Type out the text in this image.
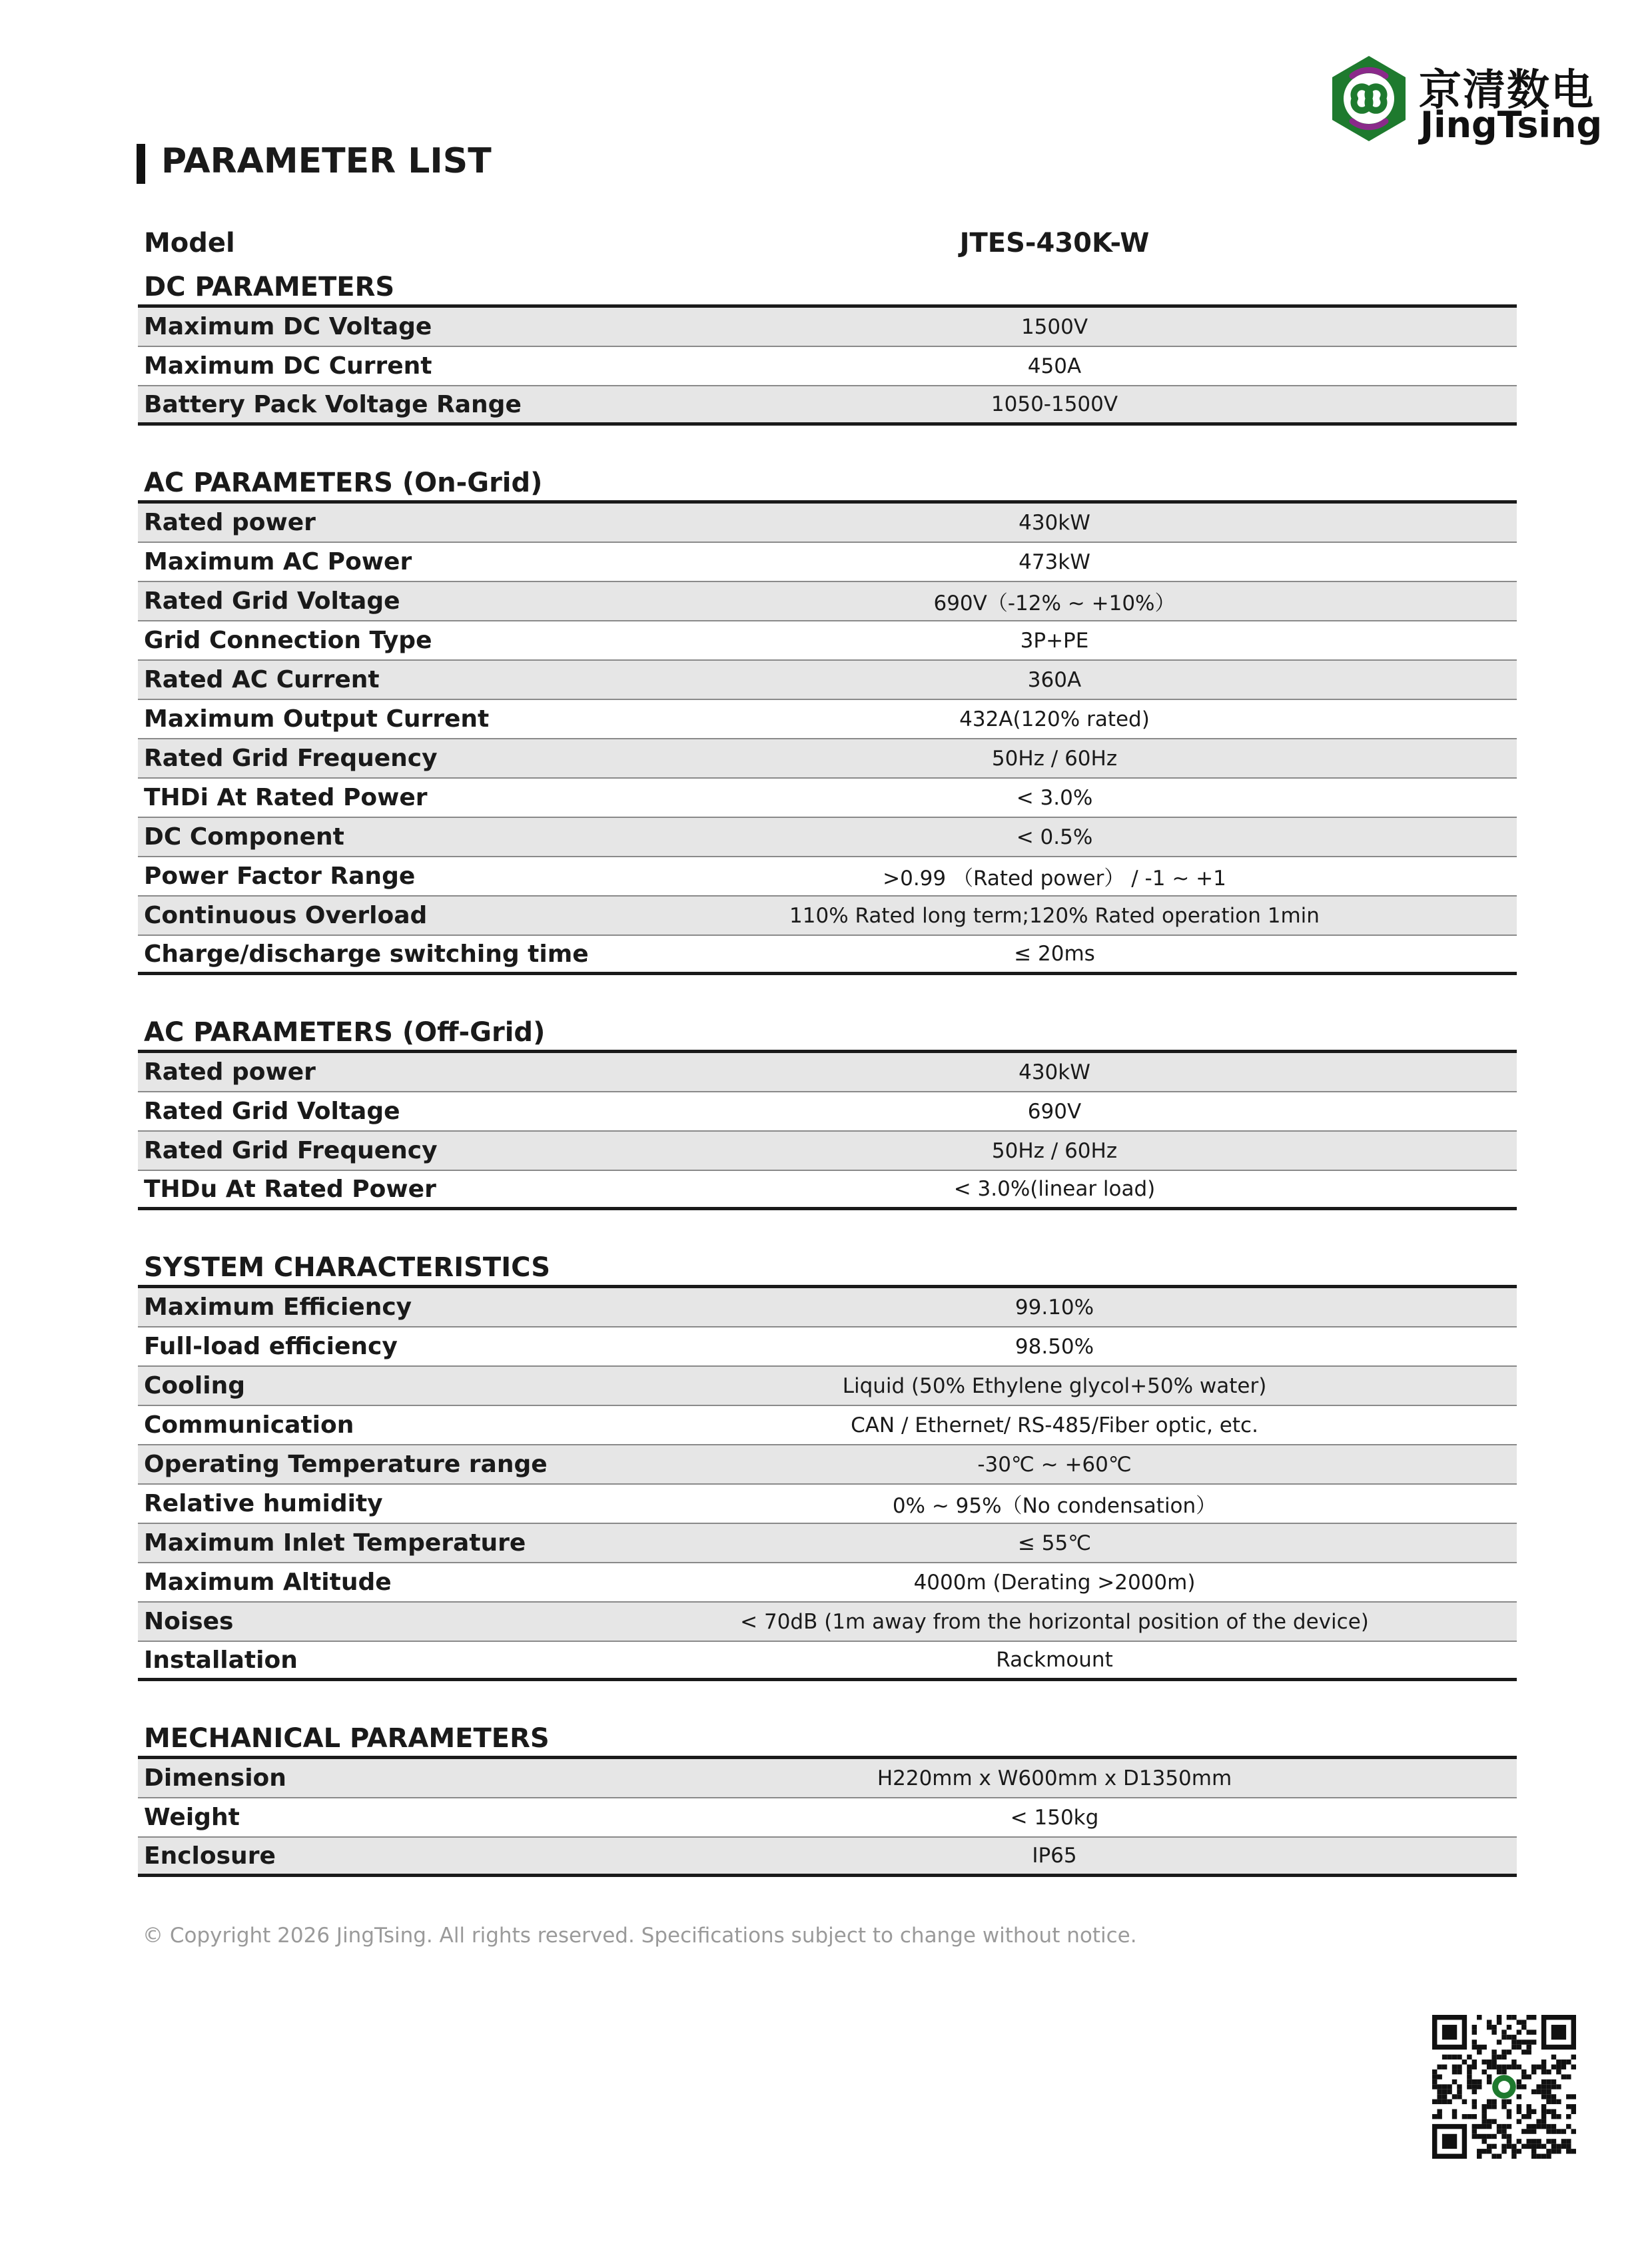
京清数电
JingTsing
PARAMETER LIST
Model	JTES-430K-W
DC PARAMETERS
Maximum DC Voltage	1500V
Maximum DC Current	450A
Battery Pack Voltage Range	1050-1500V
AC PARAMETERS (On-Grid)
Rated power	430kW
Maximum AC Power	473kW
Rated Grid Voltage	690V（-12% ~ +10%）
Grid Connection Type	3P+PE
Rated AC Current	360A
Maximum Output Current	432A(120% rated)
Rated Grid Frequency	50Hz / 60Hz
THDi At Rated Power	< 3.0%
DC Component	< 0.5%
Power Factor Range	>0.99 （Rated power） / -1 ~ +1
Continuous Overload	110% Rated long term;120% Rated operation 1min
Charge/discharge switching time	≤ 20ms
AC PARAMETERS (Off-Grid)
Rated power	430kW
Rated Grid Voltage	690V
Rated Grid Frequency	50Hz / 60Hz
THDu At Rated Power	< 3.0%(linear load)
SYSTEM CHARACTERISTICS
Maximum Efficiency	99.10%
Full-load efficiency	98.50%
Cooling	Liquid (50% Ethylene glycol+50% water)
Communication	CAN / Ethernet/ RS-485/Fiber optic, etc.
Operating Temperature range	-30℃ ~ +60℃
Relative humidity	0% ~ 95%（No condensation）
Maximum Inlet Temperature	≤ 55℃
Maximum Altitude	4000m (Derating >2000m)
Noises	< 70dB (1m away from the horizontal position of the device)
Installation	Rackmount
MECHANICAL PARAMETERS
Dimension	H220mm x W600mm x D1350mm
Weight	< 150kg
Enclosure	IP65
© Copyright 2026 JingTsing. All rights reserved. Specifications subject to change without notice.
